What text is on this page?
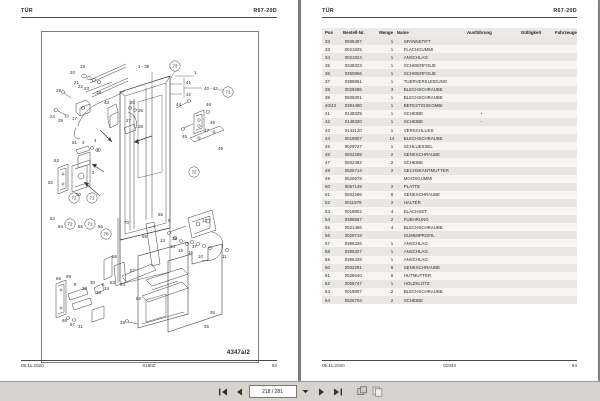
TÜR	R67-20D
73
71
72
72	71
70
72	71
19
20
21
22 23
18
29
24
25 17
43	20
26
27
28
1 - 39
1
41
42
40 - 43
44	46
48
47
45
49
51 3 4
2
53
52
50
62
54	55	56
70
58
65
57
56
6 63 64
62
66 69
8
32
30
33
34
68
67 31
5	12
13
14
15 16
10	11
39
37
38
36
35
4347a/2
05.11.2020	0190Z	63
TÜR	R67-20D
Pos	Bestell-Nr.	Menge Name	Ausführung	Gültigkeit	Fahrzeuge
33	0505497	1	SPANNSTIFT
33	0021825	1	FLACHGUMMI
34	0021824	1	ANSCHLAG
35	0348323	1	SCHWERFOLIE
36	0350866	1	SCHWERFOLIE
37	0388861	1	TUERVERKLEIDUNG
38	0029286	3	BLECHSCHRAUBE
39	0606301	1	BLECHSCHRAUBE
40/43	0394480	1	BEFESTIGSKOMBI
41	0148329	1	SCHEIBE	+
42	0148320	1	SCHEIBE	-
43	0143120	1	VERSCHLUSS
44	0019807	14	BLECHSCHRAUBE
45	0029727	1	SCHLUESSEL
46	0502285	2	SENKSCHRAUBE
47	0502482	2	SCHEIBE
48	0525714	2	SECHSKANTMUTTER
49	0520678	MOOSGUMMI
50	0057149	2	PLATTE
51	0502286	8	SENKSCHRAUBE
52	0011979	2	HALTER
53	0019802	4	ELACHSET
54	0388557	2	FUEHRUNG
55	0521486	4	BLECHSCHRAUBE
56	0029719	GUMMIPROFIL
57	0396326	1	ANSCHLAG
58	0396327	1	ANSCHLAG
59	0396328	1	ANSCHLAG
60	0502291	6	SENKSCHRAUBE
61	0528640	6	HUTMUTTER
62	0056747	1	HOLZKLOTZ
63	0019807	2	BLECHSCHRAUBE
64	0525704	2	SCHEIBE
05.11.2020	01933	64
218 / 281
